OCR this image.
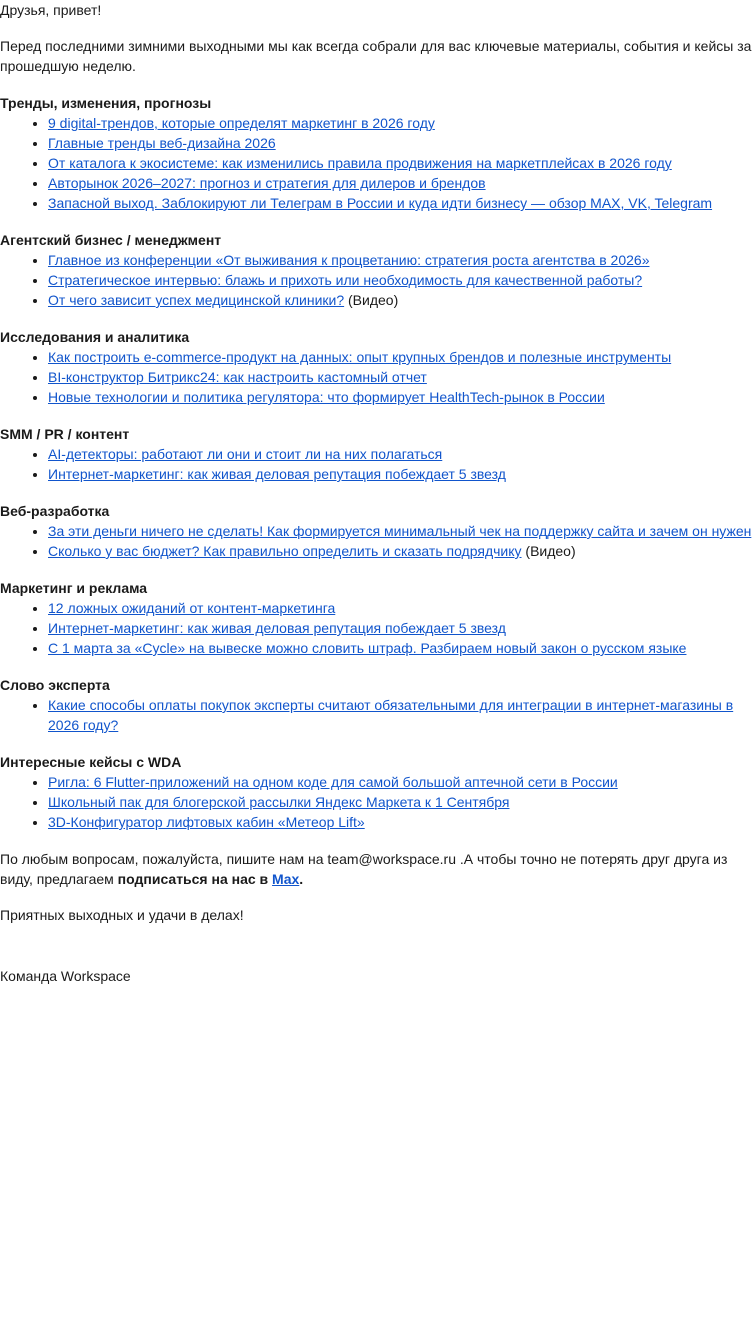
Друзья, привет!

Перед последними зимними выходными мы как всегда собрали для вас ключевые материалы, события и кейсы за прошедшую неделю.

Тренды, изменения, прогнозы
• 9 digital-трендов, которые определят маркетинг в 2026 году
• Главные тренды веб-дизайна 2026
• От каталога к экосистеме: как изменились правила продвижения на маркетплейсах в 2026 году
• Авторынок 2026–2027: прогноз и стратегия для дилеров и брендов
• Запасной выход. Заблокируют ли Телеграм в России и куда идти бизнесу — обзор MAX, VK, Telegram
Агентский бизнес / менеджмент
• Главное из конференции «От выживания к процветанию: стратегия роста агентства в 2026»
• Стратегическое интервью: блажь и прихоть или необходимость для качественной работы?
• От чего зависит успех медицинской клиники? (Видео)
Исследования и аналитика
• Как построить e-commerce-продукт на данных: опыт крупных брендов и полезные инструменты
• BI-конструктор Битрикс24: как настроить кастомный отчет
• Новые технологии и политика регулятора: что формирует HealthTech-рынок в России
SMM / PR / контент
• AI-детекторы: работают ли они и стоит ли на них полагаться
• Интернет-маркетинг: как живая деловая репутация побеждает 5 звезд
Веб-разработка
• За эти деньги ничего не сделать! Как формируется минимальный чек на поддержку сайта и зачем он нужен
• Сколько у вас бюджет? Как правильно определить и сказать подрядчику (Видео)
Маркетинг и реклама
• 12 ложных ожиданий от контент-маркетинга
• Интернет-маркетинг: как живая деловая репутация побеждает 5 звезд
• С 1 марта за «Cycle» на вывеске можно словить штраф. Разбираем новый закон о русском языке
Слово эксперта
• Какие способы оплаты покупок эксперты считают обязательными для интеграции в интернет-магазины в 2026 году?
Интересные кейсы с WDA
• Ригла: 6 Flutter-приложений на одном коде для самой большой аптечной сети в России
• Школьный пак для блогерской рассылки Яндекс Маркета к 1 Сентября
• 3D-Конфигуратор лифтовых кабин «Метеор Lift»

По любым вопросам, пожалуйста, пишите нам на team@workspace.ru .А чтобы точно не потерять друг друга из виду, предлагаем подписаться на нас в Max.

Приятных выходных и удачи в делах!

Команда Workspace
